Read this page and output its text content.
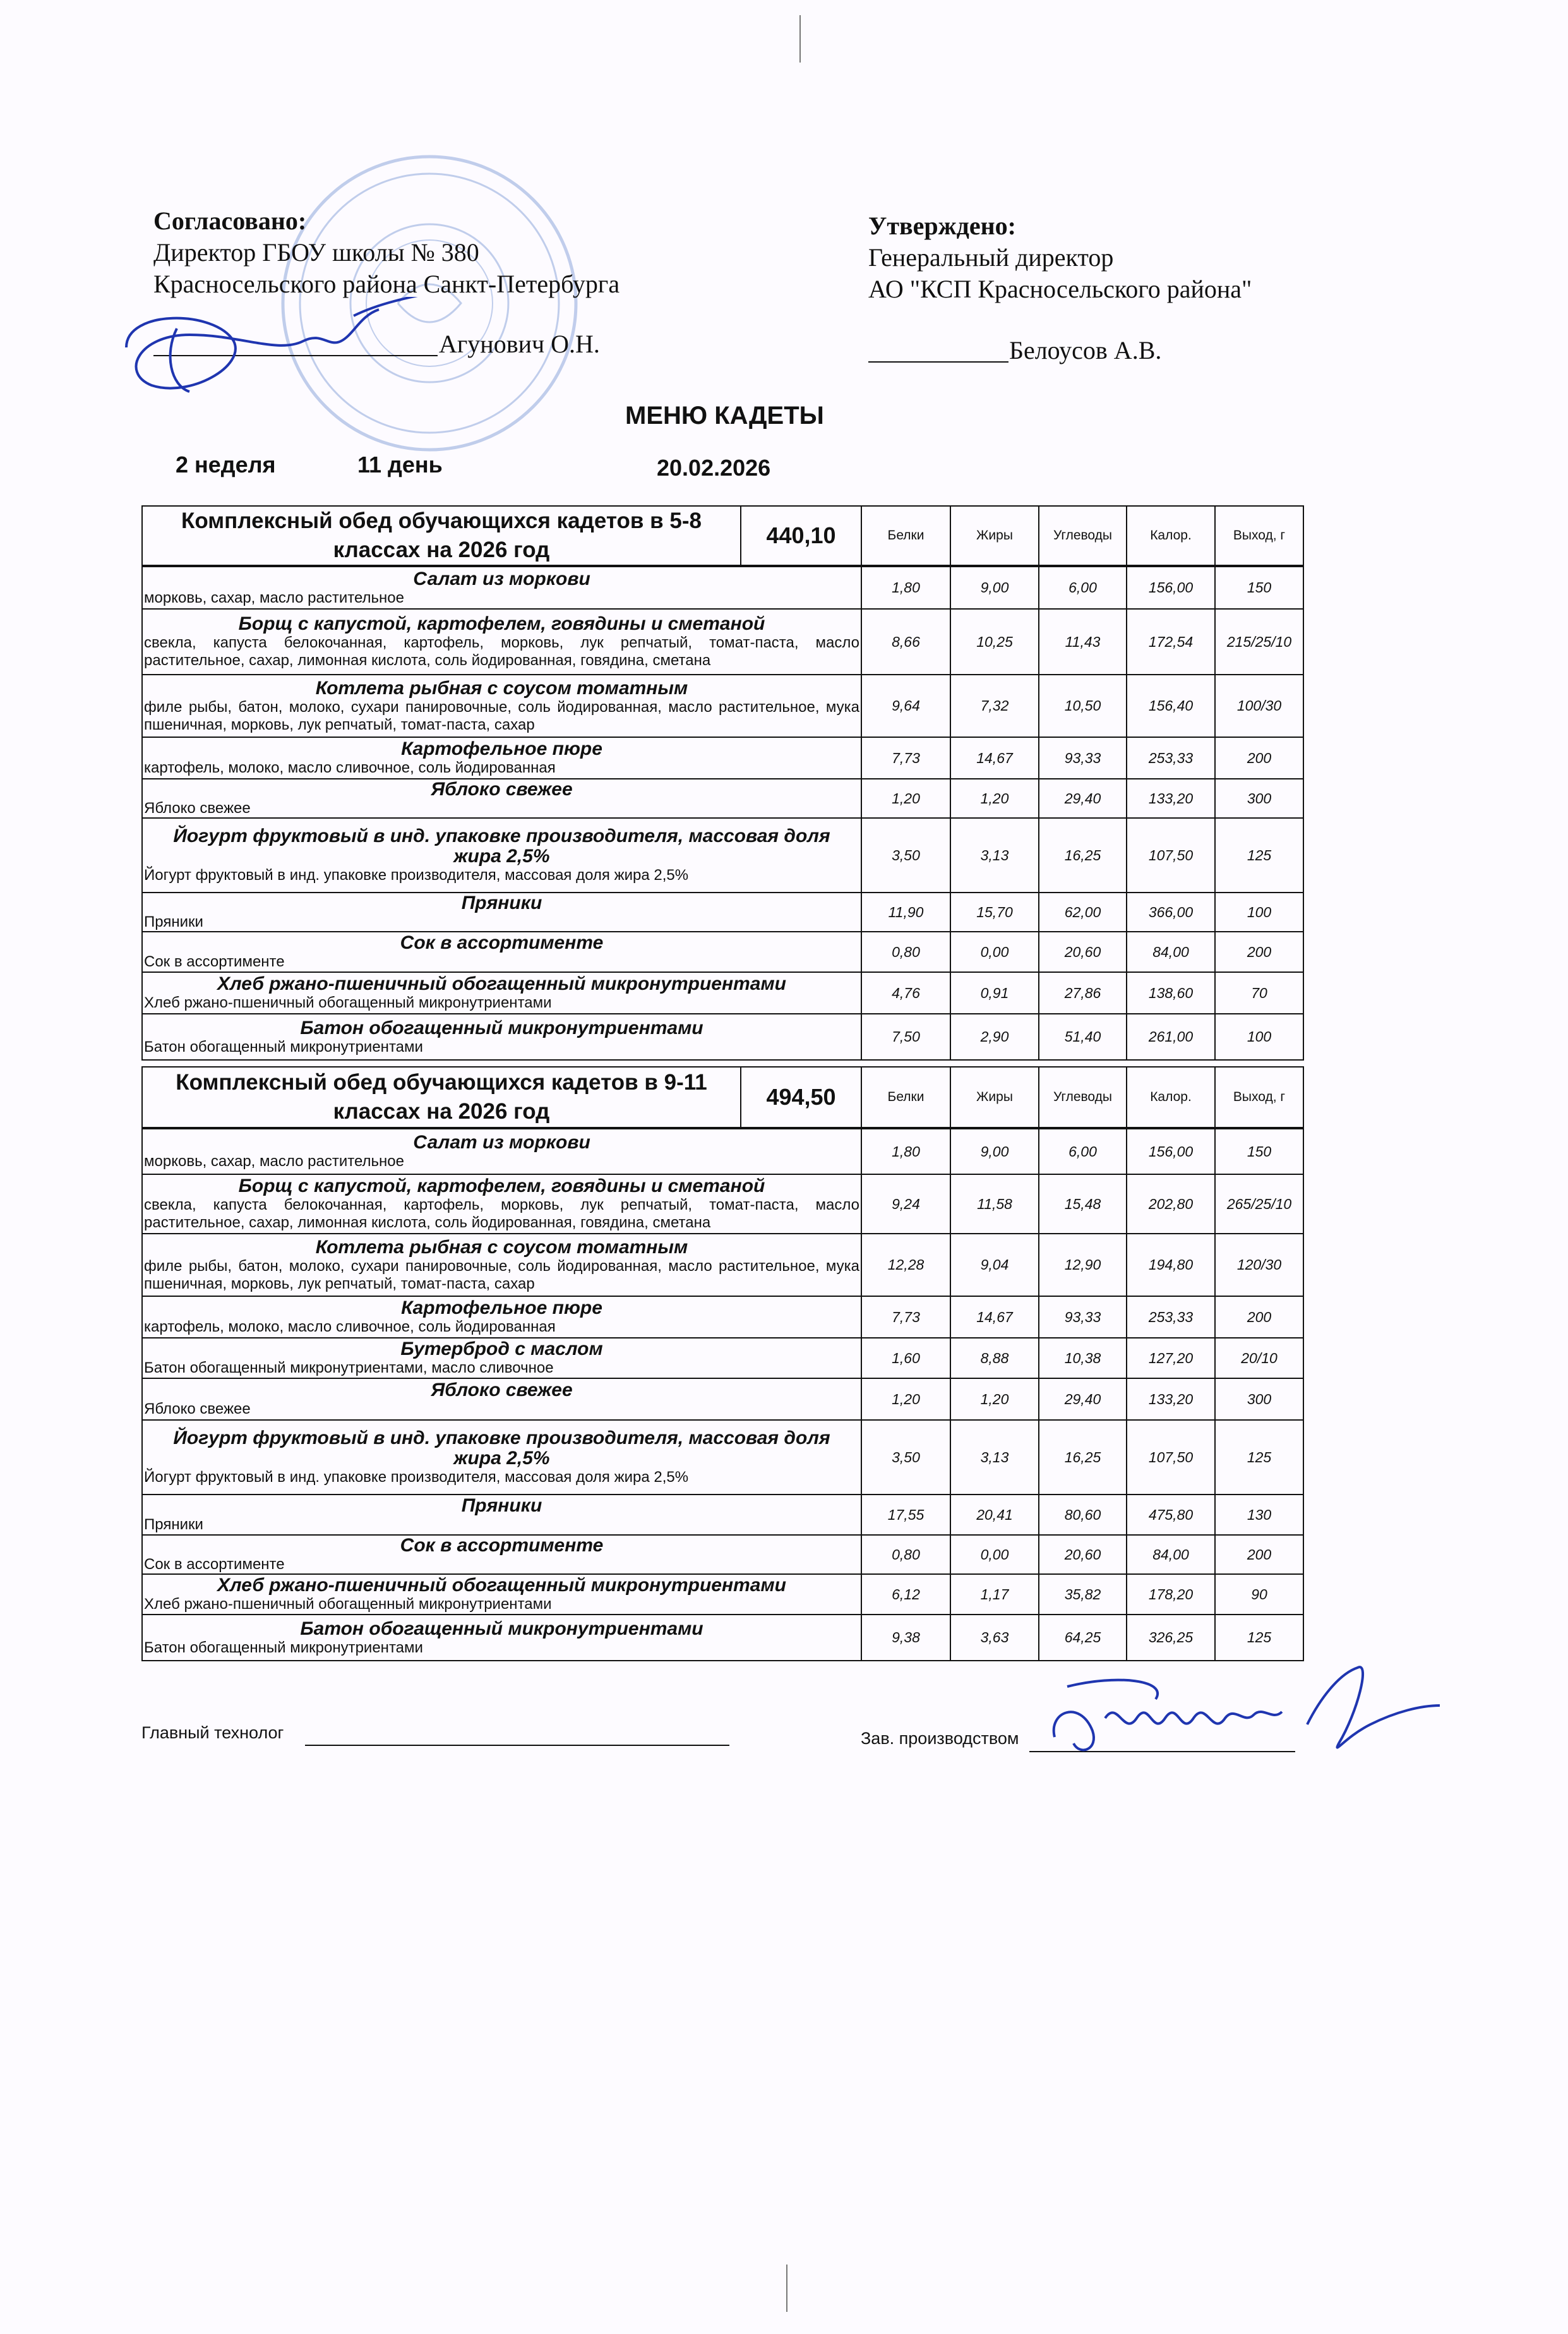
Согласовано:
Директор ГБОУ школы № 380
Красносельского района Санкт-Петербурга
Агунович О.Н.
Утверждено:
Генеральный директор
АО "КСП Красносельского района"
Белоусов А.В.
МЕНЮ КАДЕТЫ
2 неделя	11 день	20.02.2026
Комплексный обед обучающихся кадетов в 5-8 классах на 2026 год	440,10	Белки	Жиры	Углеводы	Калор.	Выход, г

Салат из моркови
морковь, сахар, масло растительное		1,80	9,00	6,00	156,00	150

Борщ с капустой, картофелем, говядины и сметаной
свекла, капуста белокочанная, картофель, морковь, лук репчатый, томат-паста, масло растительное, сахар, лимонная кислота, соль йодированная, говядина, сметана		8,66	10,25	11,43	172,54	215/25/10

Котлета рыбная с соусом томатным
филе рыбы, батон, молоко, сухари панировочные, соль йодированная, масло растительное, мука пшеничная, морковь, лук репчатый, томат-паста, сахар		9,64	7,32	10,50	156,40	100/30

Картофельное пюре
картофель, молоко, масло сливочное, соль йодированная		7,73	14,67	93,33	253,33	200

Яблоко свежее
Яблоко свежее		1,20	1,20	29,40	133,20	300

Йогурт фруктовый в инд. упаковке производителя, массовая доля жира 2,5%
Йогурт фруктовый в инд. упаковке производителя, массовая доля жира 2,5%		3,50	3,13	16,25	107,50	125

Пряники
Пряники		11,90	15,70	62,00	366,00	100

Сок в ассортименте
Сок в ассортименте		0,80	0,00	20,60	84,00	200

Хлеб ржано-пшеничный обогащенный микронутриентами
Хлеб ржано-пшеничный обогащенный микронутриентами		4,76	0,91	27,86	138,60	70

Батон обогащенный микронутриентами
Батон обогащенный микронутриентами		7,50	2,90	51,40	261,00	100
Комплексный обед обучающихся кадетов в 9-11 классах на 2026 год	494,50	Белки	Жиры	Углеводы	Калор.	Выход, г

Салат из моркови
морковь, сахар, масло растительное		1,80	9,00	6,00	156,00	150

Борщ с капустой, картофелем, говядины и сметаной
свекла, капуста белокочанная, картофель, морковь, лук репчатый, томат-паста, масло растительное, сахар, лимонная кислота, соль йодированная, говядина, сметана		9,24	11,58	15,48	202,80	265/25/10

Котлета рыбная с соусом томатным
филе рыбы, батон, молоко, сухари панировочные, соль йодированная, масло растительное, мука пшеничная, морковь, лук репчатый, томат-паста, сахар		12,28	9,04	12,90	194,80	120/30

Картофельное пюре
картофель, молоко, масло сливочное, соль йодированная		7,73	14,67	93,33	253,33	200

Бутерброд с маслом
Батон обогащенный микронутриентами, масло сливочное		1,60	8,88	10,38	127,20	20/10

Яблоко свежее
Яблоко свежее		1,20	1,20	29,40	133,20	300

Йогурт фруктовый в инд. упаковке производителя, массовая доля жира 2,5%
Йогурт фруктовый в инд. упаковке производителя, массовая доля жира 2,5%		3,50	3,13	16,25	107,50	125

Пряники
Пряники		17,55	20,41	80,60	475,80	130

Сок в ассортименте
Сок в ассортименте		0,80	0,00	20,60	84,00	200

Хлеб ржано-пшеничный обогащенный микронутриентами
Хлеб ржано-пшеничный обогащенный микронутриентами		6,12	1,17	35,82	178,20	90

Батон обогащенный микронутриентами
Батон обогащенный микронутриентами		9,38	3,63	64,25	326,25	125
Главный технолог	Зав. производством
